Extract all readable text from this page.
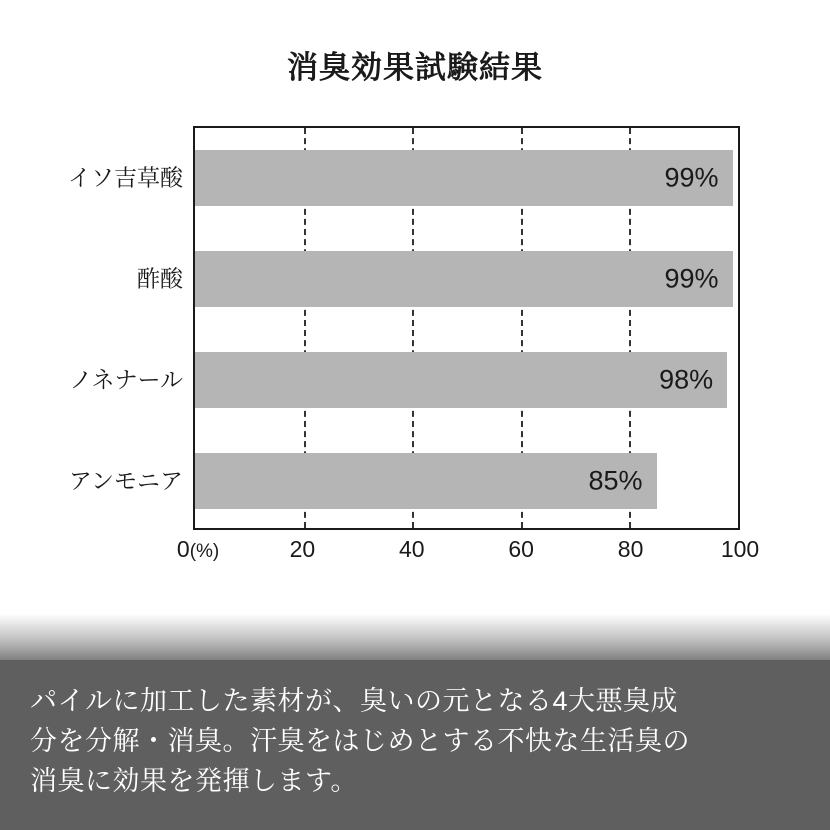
消臭効果試験結果
イソ吉草酸
酢酸
ノネナール
アンモニア
99%
99%
98%
85%
0(%)	20	40	60	80	100

パイルに加工した素材が、臭いの元となる4大悪臭成

分を分解・消臭。汗臭をはじめとする不快な生活臭の

消臭に効果を発揮します。
